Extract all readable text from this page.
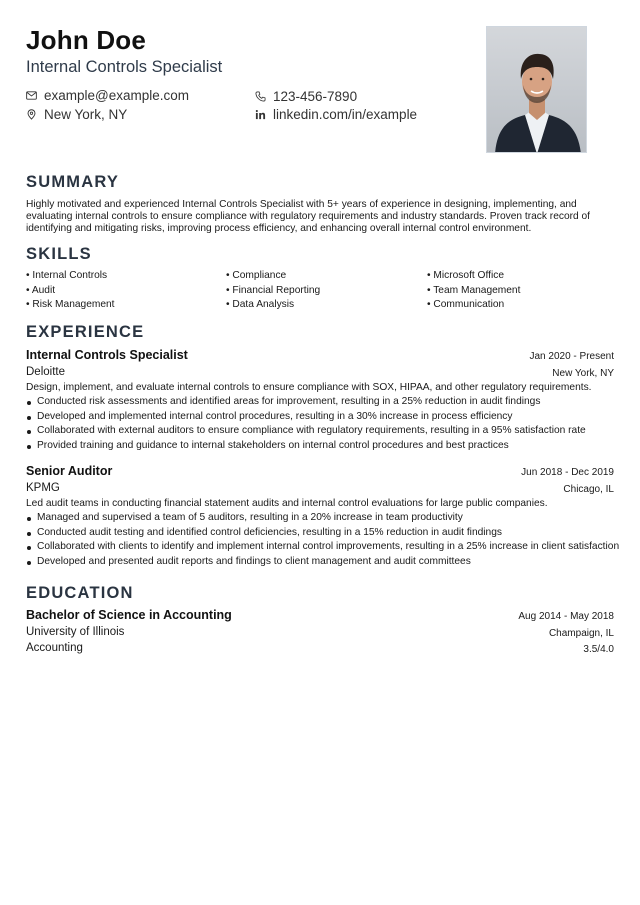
John Doe
Internal Controls Specialist
example@example.com	123-456-7890
New York, NY	linkedin.com/in/example
SUMMARY
Highly motivated and experienced Internal Controls Specialist with 5+ years of experience in designing, implementing, and evaluating internal controls to ensure compliance with regulatory requirements and industry standards. Proven track record of identifying and mitigating risks, improving process efficiency, and enhancing overall internal control environment.
SKILLS
• Internal Controls	• Compliance	• Microsoft Office
• Audit	• Financial Reporting	• Team Management
• Risk Management	• Data Analysis	• Communication
EXPERIENCE
Internal Controls Specialist	Jan 2020 - Present
Deloitte	New York, NY
Design, implement, and evaluate internal controls to ensure compliance with SOX, HIPAA, and other regulatory requirements.
Conducted risk assessments and identified areas for improvement, resulting in a 25% reduction in audit findings
Developed and implemented internal control procedures, resulting in a 30% increase in process efficiency
Collaborated with external auditors to ensure compliance with regulatory requirements, resulting in a 95% satisfaction rate
Provided training and guidance to internal stakeholders on internal control procedures and best practices
Senior Auditor	Jun 2018 - Dec 2019
KPMG	Chicago, IL
Led audit teams in conducting financial statement audits and internal control evaluations for large public companies.
Managed and supervised a team of 5 auditors, resulting in a 20% increase in team productivity
Conducted audit testing and identified control deficiencies, resulting in a 15% reduction in audit findings
Collaborated with clients to identify and implement internal control improvements, resulting in a 25% increase in client satisfaction
Developed and presented audit reports and findings to client management and audit committees
EDUCATION
Bachelor of Science in Accounting	Aug 2014 - May 2018
University of Illinois	Champaign, IL
Accounting	3.5/4.0
